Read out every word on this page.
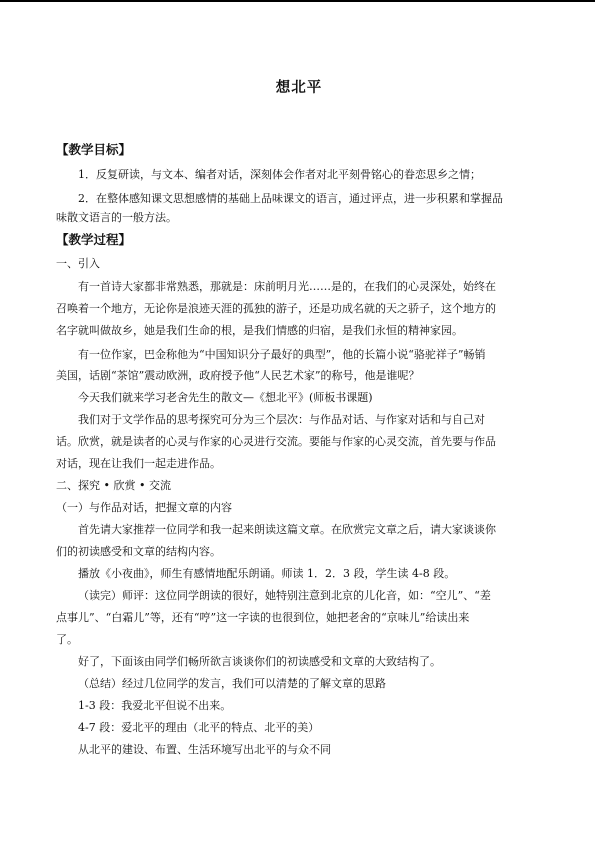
想北平
【教学目标】
1．反复研读，与文本、编者对话，深刻体会作者对北平刻骨铭心的眷恋思乡之情；
2．在整体感知课文思想感情的基础上品味课文的语言，通过评点，进一步积累和掌握品
味散文语言的一般方法。
【教学过程】
一、引入
有一首诗大家都非常熟悉，那就是：床前明月光……是的，在我们的心灵深处，始终在
召唤着一个地方，无论你是浪迹天涯的孤独的游子，还是功成名就的天之骄子，这个地方的
名字就叫做故乡，她是我们生命的根，是我们情感的归宿，是我们永恒的精神家园。
有一位作家，巴金称他为“中国知识分子最好的典型”，他的长篇小说“骆驼祥子”畅销
美国，话剧“茶馆”震动欧洲，政府授予他“人民艺术家”的称号，他是谁呢？
今天我们就来学习老舍先生的散文—《想北平》(师板书课题)
我们对于文学作品的思考探究可分为三个层次：与作品对话、与作家对话和与自己对
话。欣赏，就是读者的心灵与作家的心灵进行交流。要能与作家的心灵交流，首先要与作品
对话，现在让我们一起走进作品。
二、探究 • 欣赏 • 交流
（一）与作品对话，把握文章的内容
首先请大家推荐一位同学和我一起来朗读这篇文章。在欣赏完文章之后，请大家谈谈你
们的初读感受和文章的结构内容。
播放《小夜曲》，师生有感情地配乐朗诵。师读 1．2．3 段，学生读 4-8 段。
（读完）师评：这位同学朗读的很好，她特别注意到北京的儿化音，如：“空儿”、“差
点事儿”、“白霜儿”等，还有“哼”这一字读的也很到位，她把老舍的“京味儿”给读出来
了。
好了，下面该由同学们畅所欲言谈谈你们的初读感受和文章的大致结构了。
（总结）经过几位同学的发言，我们可以清楚的了解文章的思路
1-3 段：我爱北平但说不出来。
4-7 段：爱北平的理由（北平的特点、北平的美）
从北平的建设、布置、生活环境写出北平的与众不同
